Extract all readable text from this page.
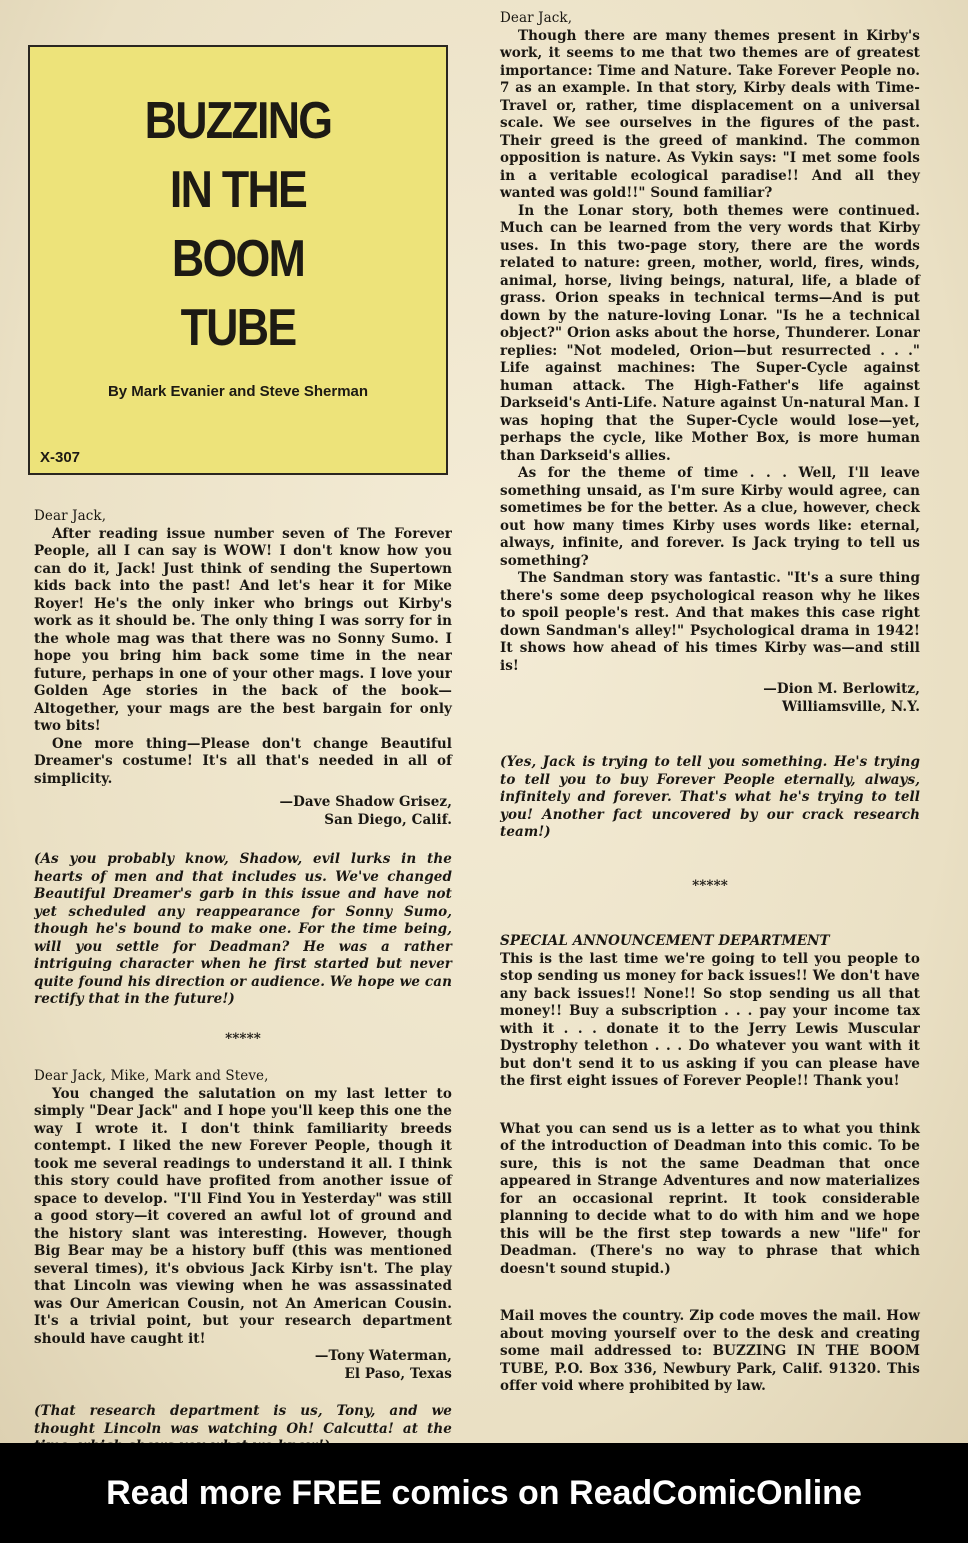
BUZZING
IN THE
BOOM
TUBE
By Mark Evanier and Steve Sherman
X-307

Dear Jack,

Though there are many themes present in Kirby's work, it seems to me that two themes are of greatest importance: Time and Nature. Take Forever People no. 7 as an example. In that story, Kirby deals with Time-Travel or, rather, time displacement on a universal scale. We see ourselves in the figures of the past. Their greed is the greed of mankind. The common opposition is nature. As Vykin says: "I met some fools in a veritable ecological paradise!! And all they wanted was gold!!" Sound familiar?

In the Lonar story, both themes were continued. Much can be learned from the very words that Kirby uses. In this two-page story, there are the words related to nature: green, mother, world, fires, winds, animal, horse, living beings, natural, life, a blade of grass. Orion speaks in technical terms—And is put down by the nature-loving Lonar. "Is he a technical object?" Orion asks about the horse, Thunderer. Lonar replies: "Not modeled, Orion—but resurrected . . ." Life against machines: The Super-Cycle against human attack. The High-Father's life against Darkseid's Anti-Life. Nature against Un-natural Man. I was hoping that the Super-Cycle would lose—yet, perhaps the cycle, like Mother Box, is more human than Darkseid's allies.

As for the theme of time . . . Well, I'll leave something unsaid, as I'm sure Kirby would agree, can sometimes be for the better. As a clue, however, check out how many times Kirby uses words like: eternal, always, infinite, and forever. Is Jack trying to tell us something?

The Sandman story was fantastic. "It's a sure thing there's some deep psychological reason why he likes to spoil people's rest. And that makes this case right down Sandman's alley!" Psychological drama in 1942! It shows how ahead of his times Kirby was—and still is!

—Dion M. Berlowitz,

Williamsville, N.Y.

(Yes, Jack is trying to tell you something. He's trying to tell you to buy Forever People eternally, always, infinitely and forever. That's what he's trying to tell you! Another fact uncovered by our crack research team!)

*****

SPECIAL ANNOUNCEMENT DEPARTMENT

This is the last time we're going to tell you people to stop sending us money for back issues!! We don't have any back issues!! None!! So stop sending us all that money!! Buy a subscription . . . pay your income tax with it . . . donate it to the Jerry Lewis Muscular Dystrophy telethon . . . Do whatever you want with it but don't send it to us asking if you can please have the first eight issues of Forever People!! Thank you!

What you can send us is a letter as to what you think of the introduction of Deadman into this comic. To be sure, this is not the same Deadman that once appeared in Strange Adventures and now materializes for an occasional reprint. It took considerable planning to decide what to do with him and we hope this will be the first step towards a new "life" for Deadman. (There's no way to phrase that which doesn't sound stupid.)

Mail moves the country. Zip code moves the mail. How about moving yourself over to the desk and creating some mail addressed to: BUZZING IN THE BOOM TUBE, P.O. Box 336, Newbury Park, Calif. 91320. This offer void where prohibited by law.

Dear Jack,

After reading issue number seven of The Forever People, all I can say is WOW! I don't know how you can do it, Jack! Just think of sending the Supertown kids back into the past! And let's hear it for Mike Royer! He's the only inker who brings out Kirby's work as it should be. The only thing I was sorry for in the whole mag was that there was no Sonny Sumo. I hope you bring him back some time in the near future, perhaps in one of your other mags. I love your Golden Age stories in the back of the book— Altogether, your mags are the best bargain for only two bits!

One more thing—Please don't change Beautiful Dreamer's costume! It's all that's needed in all of simplicity.

—Dave Shadow Grisez,

San Diego, Calif.

(As you probably know, Shadow, evil lurks in the hearts of men and that includes us. We've changed Beautiful Dreamer's garb in this issue and have not yet scheduled any reappearance for Sonny Sumo, though he's bound to make one. For the time being, will you settle for Deadman? He was a rather intriguing character when he first started but never quite found his direction or audience. We hope we can rectify that in the future!)

*****

Dear Jack, Mike, Mark and Steve,

You changed the salutation on my last letter to simply "Dear Jack" and I hope you'll keep this one the way I wrote it. I don't think familiarity breeds contempt. I liked the new Forever People, though it took me several readings to understand it all. I think this story could have profited from another issue of space to develop. "I'll Find You in Yesterday" was still a good story—it covered an awful lot of ground and the history slant was interesting. However, though Big Bear may be a history buff (this was mentioned several times), it's obvious Jack Kirby isn't. The play that Lincoln was viewing when he was assassinated was Our American Cousin, not An American Cousin. It's a trivial point, but your research department should have caught it!

—Tony Waterman,

El Paso, Texas

(That research department is us, Tony, and we thought Lincoln was watching Oh! Calcutta! at the

Read more FREE comics on ReadComicOnline
